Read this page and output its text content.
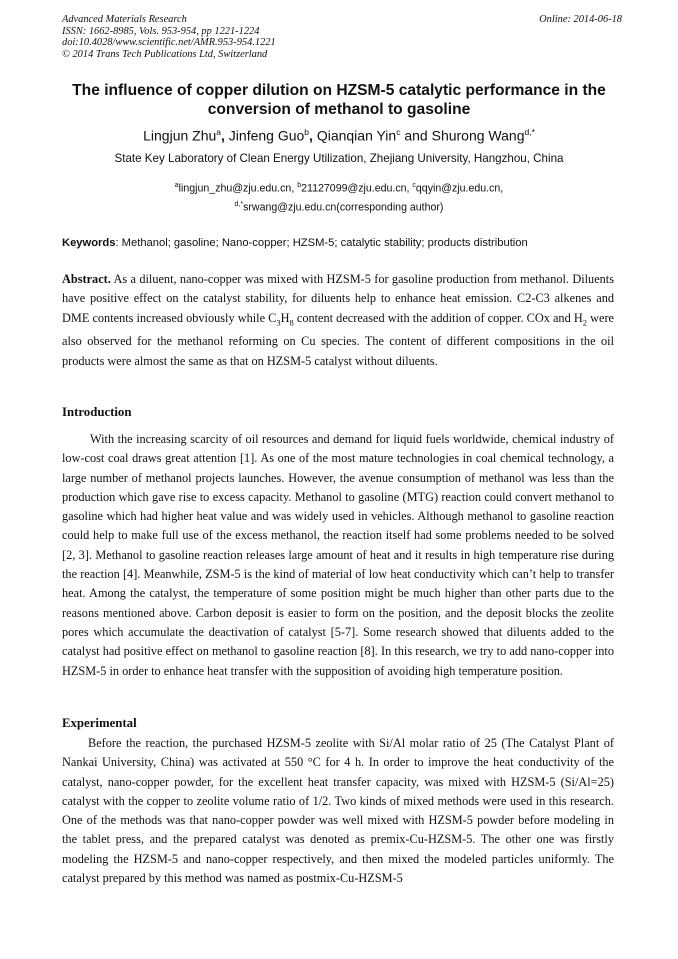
Advanced Materials Research
ISSN: 1662-8985, Vols. 953-954, pp 1221-1224
doi:10.4028/www.scientific.net/AMR.953-954.1221
© 2014 Trans Tech Publications Ltd, Switzerland
Online: 2014-06-18
The influence of copper dilution on HZSM-5 catalytic performance in the conversion of methanol to gasoline
Lingjun Zhu$^a$, Jinfeng Guo$^b$, Qianqian Yin$^c$ and Shurong Wang$^{d,*}$
State Key Laboratory of Clean Energy Utilization, Zhejiang University, Hangzhou, China
$^a$lingjun_zhu@zju.edu.cn, $^b$21127099@zju.edu.cn, $^c$qqyin@zju.edu.cn,
$^{d,*}$srwang@zju.edu.cn(corresponding author)
Keywords: Methanol; gasoline; Nano-copper; HZSM-5; catalytic stability; products distribution
Abstract. As a diluent, nano-copper was mixed with HZSM-5 for gasoline production from methanol. Diluents have positive effect on the catalyst stability, for diluents help to enhance heat emission. C2-C3 alkenes and DME contents increased obviously while $C_3H_8$ content decreased with the addition of copper. COx and $H_2$ were also observed for the methanol reforming on Cu species. The content of different compositions in the oil products were almost the same as that on HZSM-5 catalyst without diluents.
Introduction
With the increasing scarcity of oil resources and demand for liquid fuels worldwide, chemical industry of low-cost coal draws great attention [1]. As one of the most mature technologies in coal chemical technology, a large number of methanol projects launches. However, the avenue consumption of methanol was less than the production which gave rise to excess capacity. Methanol to gasoline (MTG) reaction could convert methanol to gasoline which had higher heat value and was widely used in vehicles. Although methanol to gasoline reaction could help to make full use of the excess methanol, the reaction itself had some problems needed to be solved [2, 3]. Methanol to gasoline reaction releases large amount of heat and it results in high temperature rise during the reaction [4]. Meanwhile, ZSM-5 is the kind of material of low heat conductivity which can’t help to transfer heat. Among the catalyst, the temperature of some position might be much higher than other parts due to the reasons mentioned above. Carbon deposit is easier to form on the position, and the deposit blocks the zeolite pores which accumulate the deactivation of catalyst [5-7]. Some research showed that diluents added to the catalyst had positive effect on methanol to gasoline reaction [8]. In this research, we try to add nano-copper into HZSM-5 in order to enhance heat transfer with the supposition of avoiding high temperature position.
Experimental
Before the reaction, the purchased HZSM-5 zeolite with Si/Al molar ratio of 25 (The Catalyst Plant of Nankai University, China) was activated at 550 °C for 4 h. In order to improve the heat conductivity of the catalyst, nano-copper powder, for the excellent heat transfer capacity, was mixed with HZSM-5 (Si/Al=25) catalyst with the copper to zeolite volume ratio of 1/2. Two kinds of mixed methods were used in this research. One of the methods was that nano-copper powder was well mixed with HZSM-5 powder before modeling in the tablet press, and the prepared catalyst was denoted as premix-Cu-HZSM-5. The other one was firstly modeling the HZSM-5 and nano-copper respectively, and then mixed the modeled particles uniformly. The catalyst prepared by this method was named as postmix-Cu-HZSM-5
